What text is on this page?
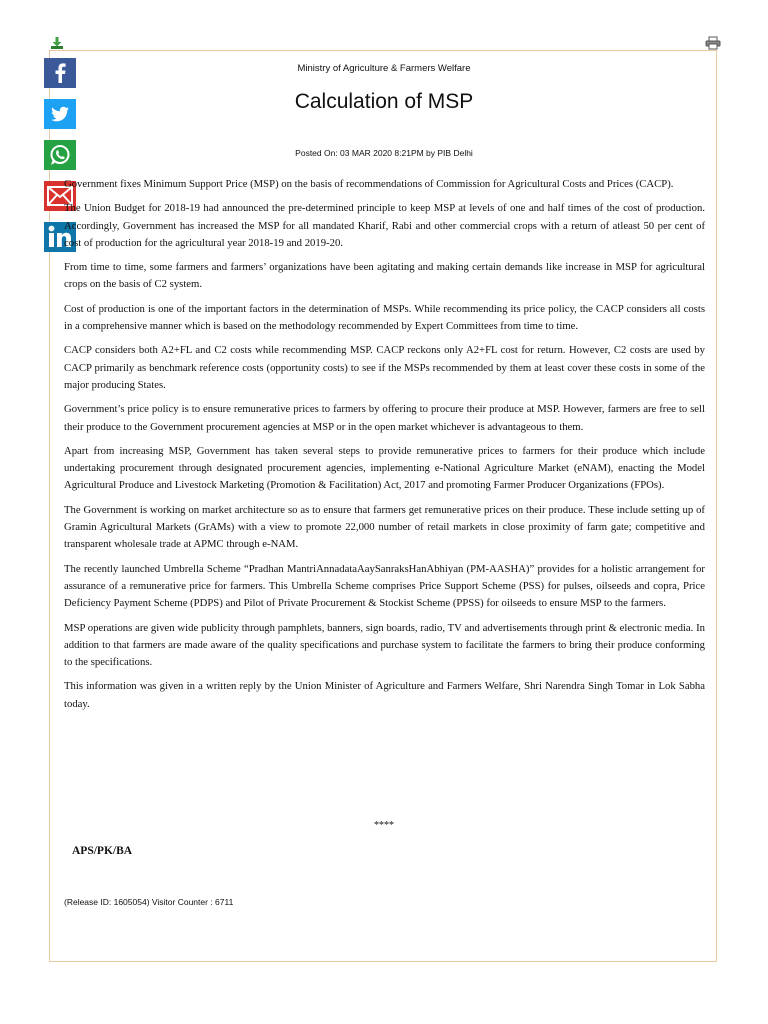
Ministry of Agriculture & Farmers Welfare
Calculation of MSP
Posted On: 03 MAR 2020 8:21PM by PIB Delhi

Government fixes Minimum Support Price (MSP) on the basis of recommendations of Commission for Agricultural Costs and Prices (CACP).

The Union Budget for 2018-19 had announced the pre-determined principle to keep MSP at levels of one and half times of the cost of production. Accordingly, Government has increased the MSP for all mandated Kharif, Rabi and other commercial crops with a return of atleast 50 per cent of cost of production for the agricultural year 2018-19 and 2019-20.

From time to time, some farmers and farmers’ organizations have been agitating and making certain demands like increase in MSP for agricultural crops on the basis of C2 system.

Cost of production is one of the important factors in the determination of MSPs. While recommending its price policy, the CACP considers all costs in a comprehensive manner which is based on the methodology recommended by Expert Committees from time to time.

CACP considers both A2+FL and C2 costs while recommending MSP. CACP reckons only A2+FL cost for return. However, C2 costs are used by CACP primarily as benchmark reference costs (opportunity costs) to see if the MSPs recommended by them at least cover these costs in some of the major producing States.

Government’s price policy is to ensure remunerative prices to farmers by offering to procure their produce at MSP. However, farmers are free to sell their produce to the Government procurement agencies at MSP or in the open market whichever is advantageous to them.

Apart from increasing MSP, Government has taken several steps to provide remunerative prices to farmers for their produce which include undertaking procurement through designated procurement agencies, implementing e-National Agriculture Market (eNAM), enacting the Model Agricultural Produce and Livestock Marketing (Promotion & Facilitation) Act, 2017 and promoting Farmer Producer Organizations (FPOs).

The Government is working on market architecture so as to ensure that farmers get remunerative prices on their produce. These include setting up of Gramin Agricultural Markets (GrAMs) with a view to promote 22,000 number of retail markets in close proximity of farm gate; competitive and transparent wholesale trade at APMC through e-NAM.

The recently launched Umbrella Scheme “Pradhan MantriAnnadataAaySanraksHanAbhiyan (PM-AASHA)” provides for a holistic arrangement for assurance of a remunerative price for farmers. This Umbrella Scheme comprises Price Support Scheme (PSS) for pulses, oilseeds and copra, Price Deficiency Payment Scheme (PDPS) and Pilot of Private Procurement & Stockist Scheme (PPSS) for oilseeds to ensure MSP to the farmers.

MSP operations are given wide publicity through pamphlets, banners, sign boards, radio, TV and advertisements through print & electronic media. In addition to that farmers are made aware of the quality specifications and purchase system to facilitate the farmers to bring their produce conforming to the specifications.

This information was given in a written reply by the Union Minister of Agriculture and Farmers Welfare, Shri Narendra Singh Tomar in Lok Sabha today.

****
APS/PK/BA
(Release ID: 1605054) Visitor Counter : 6711
